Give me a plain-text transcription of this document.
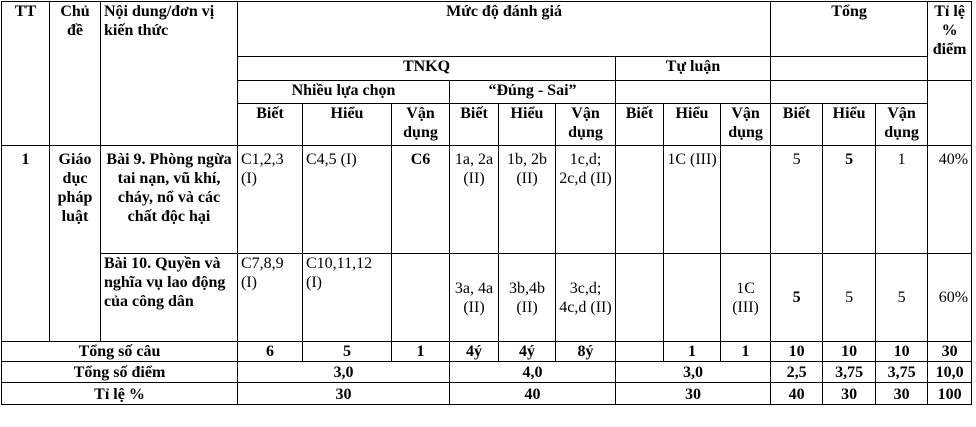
TT	Chủ đề	Nội dung/đơn vị kiến thức	Mức độ đánh giá									Tổng			Tỉ lệ % điểm
			TNKQ						Tự luận						
			Nhiều lựa chọn			“Đúng - Sai”									
			Biết	Hiểu	Vận dụng	Biết	Hiểu	Vận dụng	Biết	Hiểu	Vận dụng	Biết	Hiểu	Vận dụng	
1	Giáo dục pháp luật	Bài 9. Phòng ngừa tai nạn, vũ khí, cháy, nổ và các chất độc hại	C1,2,3 (I)	C4,5 (I)	C6	1a, 2a (II)	1b, 2b (II)	1c,d; 2c,d (II)		1C (III)		5	5	1	40%
		Bài 10. Quyền và nghĩa vụ lao động của công dân	C7,8,9 (I)	C10,11,12 (I)		3a, 4a (II)	3b,4b (II)	3c,d; 4c,d (II)			1C (III)	5	5	5	60%
Tổng số câu			6	5	1	4ý	4ý	8ý		1	1	10	10	10	30
Tổng số điểm			3,0			4,0			3,0			2,5	3,75	3,75	10,0
Tỉ lệ %			30			40			30			40	30	30	100
